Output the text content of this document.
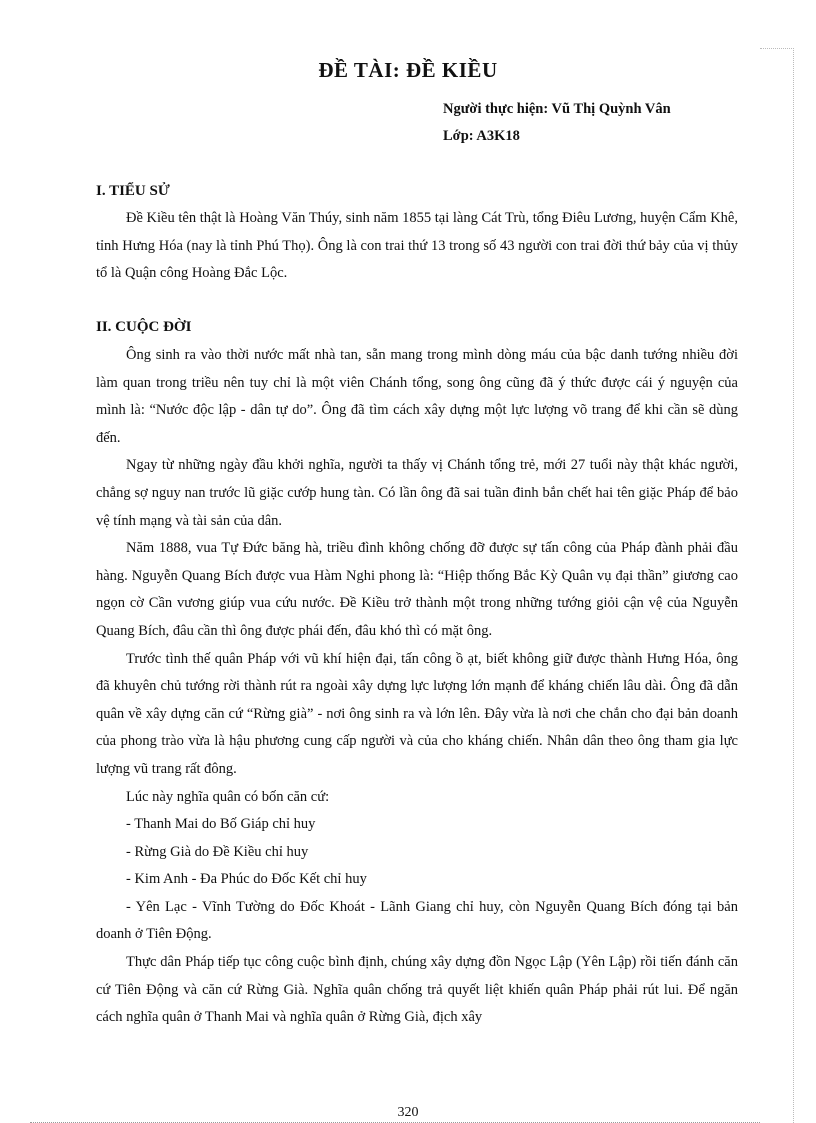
ĐỀ TÀI: ĐỀ KIỀU
Người thực hiện: Vũ Thị Quỳnh Vân
Lớp: A3K18
I. TIỂU SỬ

Đề Kiều tên thật là Hoàng Văn Thúy, sinh năm 1855 tại làng Cát Trù, tổng Điêu Lương, huyện Cẩm Khê, tỉnh Hưng Hóa (nay là tỉnh Phú Thọ). Ông là con trai thứ 13 trong số 43 người con trai đời thứ bảy của vị thủy tổ là Quận công Hoàng Đắc Lộc.

II. CUỘC ĐỜI

Ông sinh ra vào thời nước mất nhà tan, sẵn mang trong mình dòng máu của bậc danh tướng nhiều đời làm quan trong triều nên tuy chỉ là một viên Chánh tổng, song ông cũng đã ý thức được cái ý nguyện của mình là: “Nước độc lập - dân tự do”. Ông đã tìm cách xây dựng một lực lượng võ trang để khi cần sẽ dùng đến.

Ngay từ những ngày đầu khởi nghĩa, người ta thấy vị Chánh tổng trẻ, mới 27 tuổi này thật khác người, chẳng sợ nguy nan trước lũ giặc cướp hung tàn. Có lần ông đã sai tuần đinh bắn chết hai tên giặc Pháp để bảo vệ tính mạng và tài sản của dân.

Năm 1888, vua Tự Đức băng hà, triều đình không chống đỡ được sự tấn công của Pháp đành phải đầu hàng. Nguyễn Quang Bích được vua Hàm Nghi phong là: “Hiệp thống Bắc Kỳ Quân vụ đại thần” giương cao ngọn cờ Cần vương giúp vua cứu nước. Đề Kiều trở thành một trong những tướng giỏi cận vệ của Nguyễn Quang Bích, đâu cần thì ông được phái đến, đâu khó thì có mặt ông.

Trước tình thế quân Pháp với vũ khí hiện đại, tấn công ồ ạt, biết không giữ được thành Hưng Hóa, ông đã khuyên chủ tướng rời thành rút ra ngoài xây dựng lực lượng lớn mạnh để kháng chiến lâu dài. Ông đã dẫn quân về xây dựng căn cứ “Rừng già” - nơi ông sinh ra và lớn lên. Đây vừa là nơi che chắn cho đại bản doanh của phong trào vừa là hậu phương cung cấp người và của cho kháng chiến. Nhân dân theo ông tham gia lực lượng vũ trang rất đông.

Lúc này nghĩa quân có bốn căn cứ:

- Thanh Mai do Bố Giáp chỉ huy

- Rừng Già do Đề Kiều chỉ huy

- Kim Anh - Đa Phúc do Đốc Kết chỉ huy

- Yên Lạc - Vĩnh Tường do Đốc Khoát - Lãnh Giang chỉ huy, còn Nguyễn Quang Bích đóng tại bản doanh ở Tiên Động.

Thực dân Pháp tiếp tục công cuộc bình định, chúng xây dựng đồn Ngọc Lập (Yên Lập) rồi tiến đánh căn cứ Tiên Động và căn cứ Rừng Già. Nghĩa quân chống trả quyết liệt khiến quân Pháp phải rút lui. Để ngăn cách nghĩa quân ở Thanh Mai và nghĩa quân ở Rừng Già, địch xây

320
